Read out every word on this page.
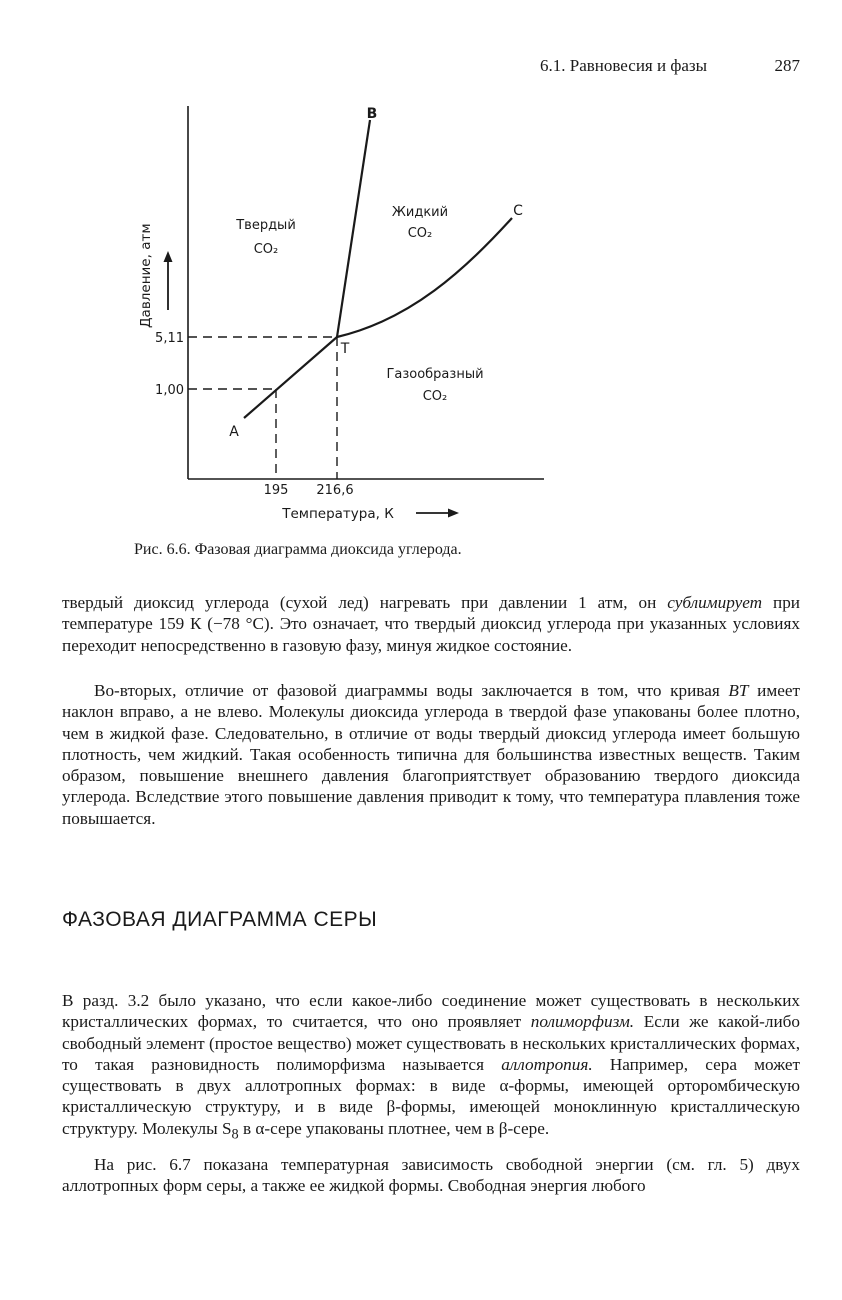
6.1. Равновесия и фазы	287
Давление, атм
5,11
1,00
195 216,6
Температура, К
B
C
A
T
Твердый
CO₂
Жидкий
CO₂
Газообразный
CO₂
Рис. 6.6. Фазовая диаграмма диоксида углерода.

твердый диоксид углерода (сухой лед) нагревать при давлении 1 атм, он сублимирует при температуре 159 К (−78 °С). Это означает, что твердый диоксид углерода при указанных условиях переходит непосредственно в газовую фазу, минуя жидкое состояние.

Во-вторых, отличие от фазовой диаграммы воды заключается в том, что кривая BT имеет наклон вправо, а не влево. Молекулы диоксида углерода в твердой фазе упакованы более плотно, чем в жидкой фазе. Следовательно, в отличие от воды твердый диоксид углерода имеет большую плотность, чем жидкий. Такая особенность типична для большинства известных веществ. Таким образом, повышение внешнего давления благоприятствует образованию твердого диоксида углерода. Вследствие этого повышение давления приводит к тому, что температура плавления тоже повышается.

ФАЗОВАЯ ДИАГРАММА СЕРЫ

В разд. 3.2 было указано, что если какое-либо соединение может существовать в нескольких кристаллических формах, то считается, что оно проявляет полиморфизм. Если же какой-либо свободный элемент (простое вещество) может существовать в нескольких кристаллических формах, то такая разновидность полиморфизма называется аллотропия. Например, сера может существовать в двух аллотропных формах: в виде α-формы, имеющей орторомбическую кристаллическую структуру, и в виде β-формы, имеющей моноклинную кристаллическую структуру. Молекулы $S_8$ в α-сере упакованы плотнее, чем в β-сере.

На рис. 6.7 показана температурная зависимость свободной энергии (см. гл. 5) двух аллотропных форм серы, а также ее жидкой формы. Свободная энергия любого
